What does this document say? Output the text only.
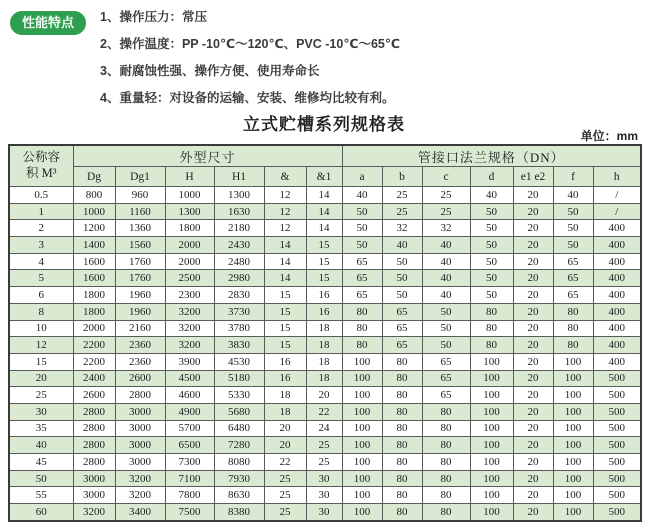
性能特点	1、操作压力：常压
2、操作温度：PP -10℃～120℃、PVC -10℃～65℃
3、耐腐蚀性强、操作方便、使用寿命长
4、重量轻：对设备的运输、安装、维修均比较有利。
立式贮槽系列规格表
单位：mm
公称容
积 M³	外型尺寸						管接口法兰规格（DN）						
	Dg	Dg1	H	H1	&	&1	a	b	c	d	e1 e2	f	h
0.5	800	960	1000	1300	12	14	40	25	25	40	20	40	/
1	1000	1160	1300	1630	12	14	50	25	25	50	20	50	/
2	1200	1360	1800	2180	12	14	50	32	32	50	20	50	400
3	1400	1560	2000	2430	14	15	50	40	40	50	20	50	400
4	1600	1760	2000	2480	14	15	65	50	40	50	20	65	400
5	1600	1760	2500	2980	14	15	65	50	40	50	20	65	400
6	1800	1960	2300	2830	15	16	65	50	40	50	20	65	400
8	1800	1960	3200	3730	15	16	80	65	50	80	20	80	400
10	2000	2160	3200	3780	15	18	80	65	50	80	20	80	400
12	2200	2360	3200	3830	15	18	80	65	50	80	20	80	400
15	2200	2360	3900	4530	16	18	100	80	65	100	20	100	400
20	2400	2600	4500	5180	16	18	100	80	65	100	20	100	500
25	2600	2800	4600	5330	18	20	100	80	65	100	20	100	500
30	2800	3000	4900	5680	18	22	100	80	80	100	20	100	500
35	2800	3000	5700	6480	20	24	100	80	80	100	20	100	500
40	2800	3000	6500	7280	20	25	100	80	80	100	20	100	500
45	2800	3000	7300	8080	22	25	100	80	80	100	20	100	500
50	3000	3200	7100	7930	25	30	100	80	80	100	20	100	500
55	3000	3200	7800	8630	25	30	100	80	80	100	20	100	500
60	3200	3400	7500	8380	25	30	100	80	80	100	20	100	500
